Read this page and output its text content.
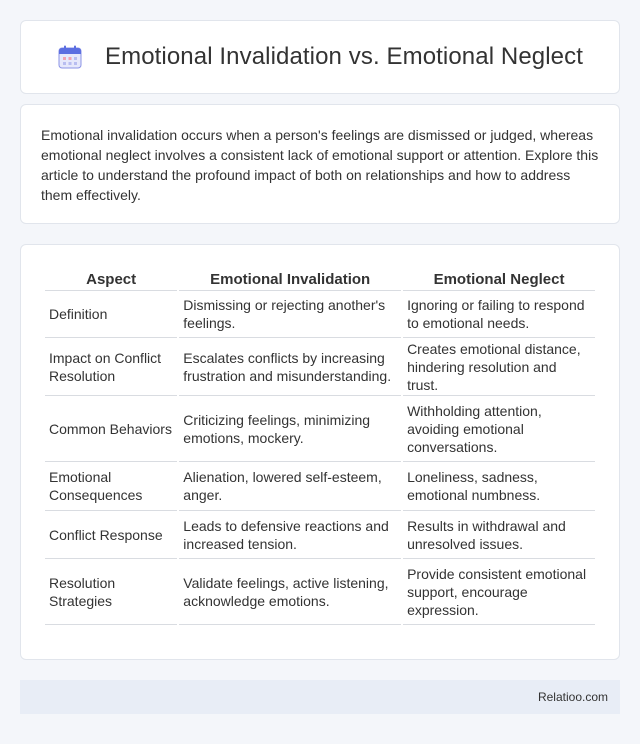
Emotional Invalidation vs. Emotional Neglect

Emotional invalidation occurs when a person's feelings are dismissed or judged, whereas emotional neglect involves a consistent lack of emotional support or attention. Explore this article to understand the profound impact of both on relationships and how to address them effectively.

Aspect	Emotional Invalidation	Emotional Neglect
Definition	Dismissing or rejecting another's feelings.	Ignoring or failing to respond to emotional needs.
Impact on Conflict Resolution	Escalates conflicts by increasing frustration and misunderstanding.	Creates emotional distance, hindering resolution and trust.
Common Behaviors	Criticizing feelings, minimizing emotions, mockery.	Withholding attention, avoiding emotional conversations.
Emotional Consequences	Alienation, lowered self-esteem, anger.	Loneliness, sadness, emotional numbness.
Conflict Response	Leads to defensive reactions and increased tension.	Results in withdrawal and unresolved issues.
Resolution Strategies	Validate feelings, active listening, acknowledge emotions.	Provide consistent emotional support, encourage expression.
Relatioo.com
